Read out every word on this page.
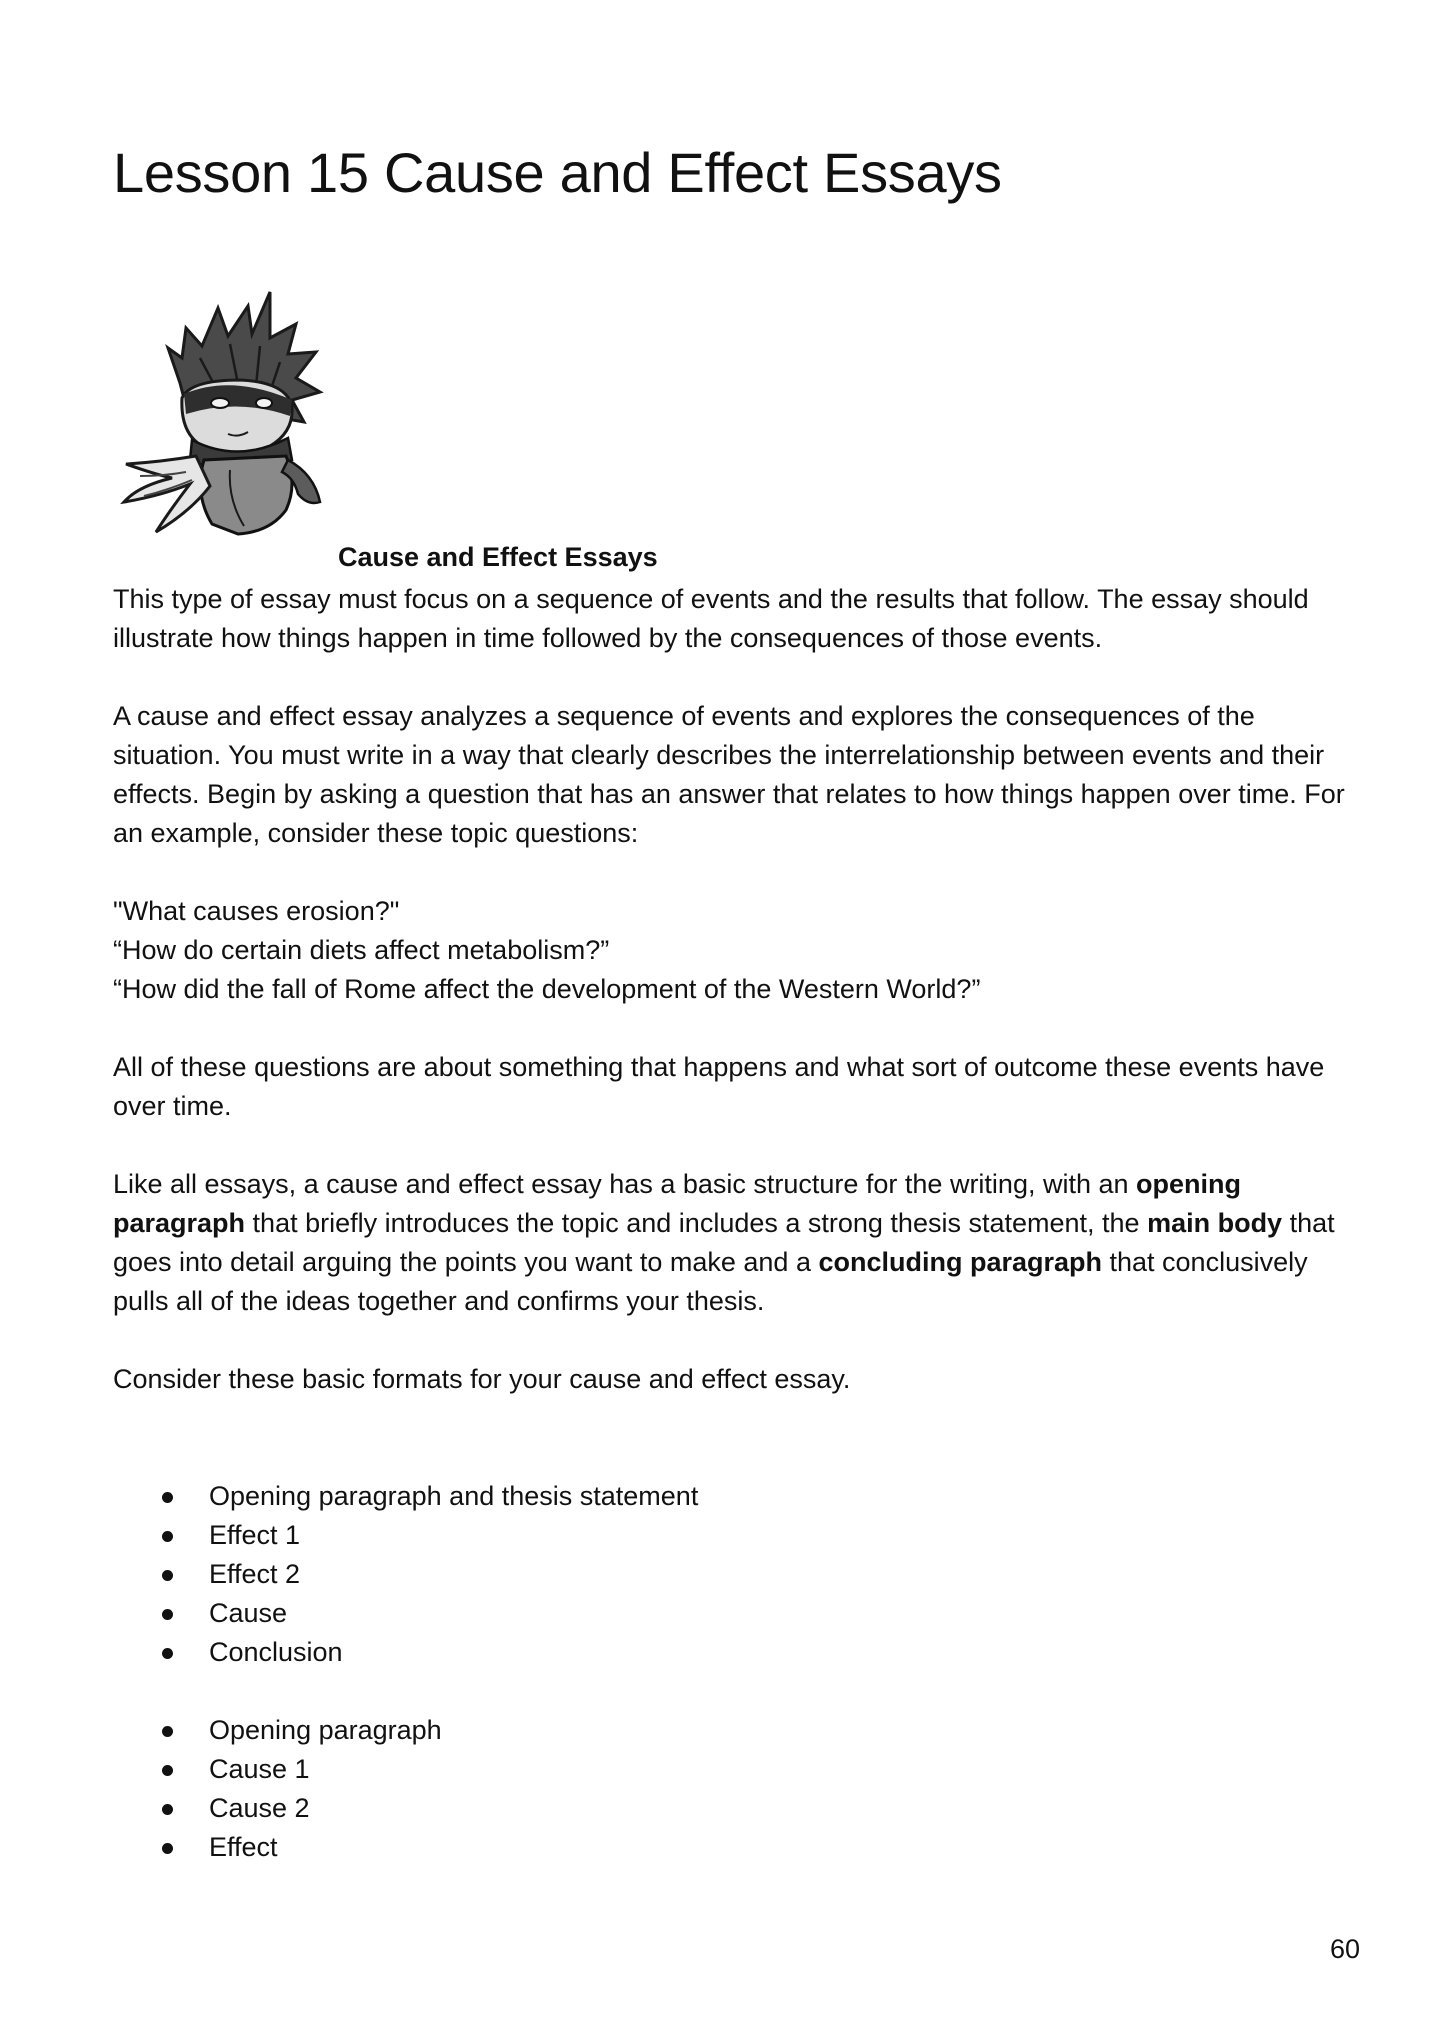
Lesson 15 Cause and Effect Essays
Cause and Effect Essays

This type of essay must focus on a sequence of events and the results that follow. The essay should illustrate how things happen in time followed by the consequences of those events.

A cause and effect essay analyzes a sequence of events and explores the consequences of the situation. You must write in a way that clearly describes the interrelationship between events and their effects. Begin by asking a question that has an answer that relates to how things happen over time. For an example, consider these topic questions:

"What causes erosion?"

“How do certain diets affect metabolism?”

“How did the fall of Rome affect the development of the Western World?”

All of these questions are about something that happens and what sort of outcome these events have over time.

Like all essays, a cause and effect essay has a basic structure for the writing, with an opening paragraph that briefly introduces the topic and includes a strong thesis statement, the main body that goes into detail arguing the points you want to make and a concluding paragraph that conclusively pulls all of the ideas together and confirms your thesis.

Consider these basic formats for your cause and effect essay.

Opening paragraph and thesis statement
Effect 1
Effect 2
Cause
Conclusion
Opening paragraph
Cause 1
Cause 2
Effect
60
